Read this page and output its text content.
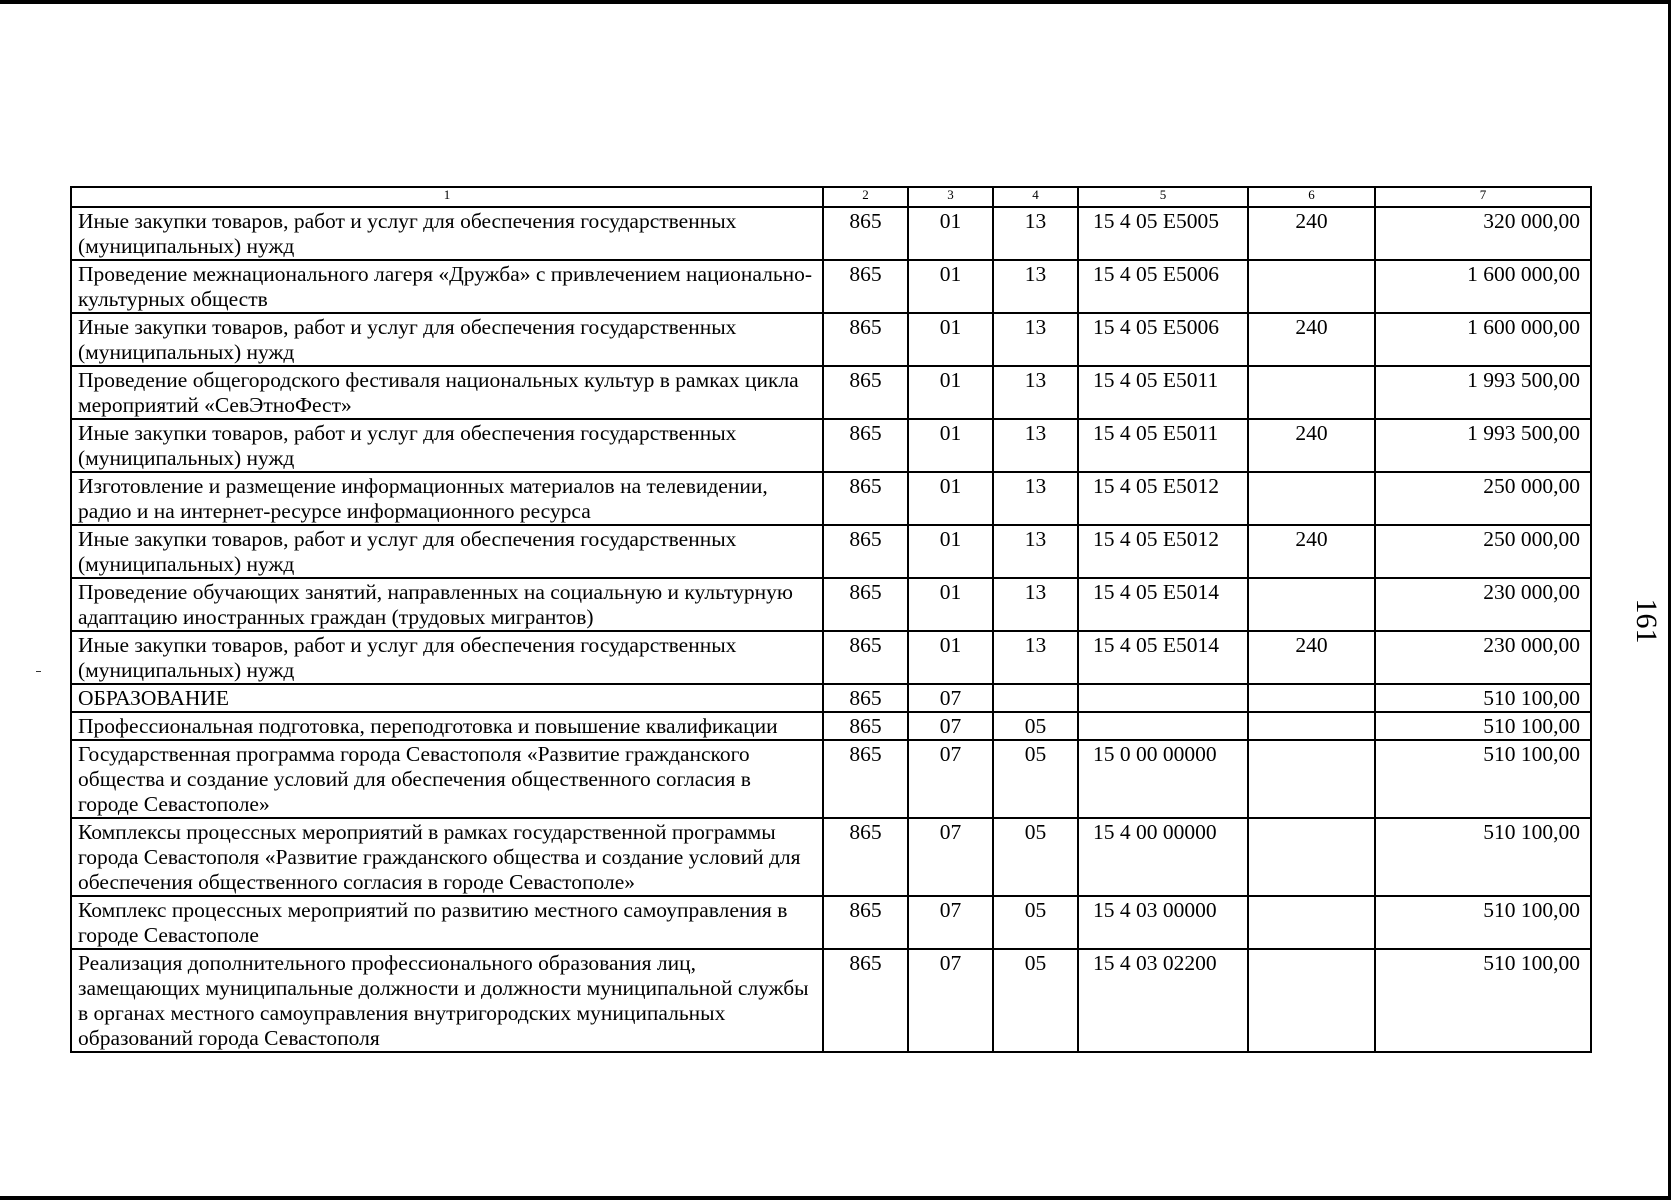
1	2	3	4	5	6	7
Иные закупки товаров, работ и услуг для обеспечения государственных (муниципальных) нужд	865	01	13	15 4 05 E5005	240	320 000,00
Проведение межнационального лагеря «Дружба» с привлечением национально-культурных обществ	865	01	13	15 4 05 E5006		1 600 000,00
Иные закупки товаров, работ и услуг для обеспечения государственных (муниципальных) нужд	865	01	13	15 4 05 E5006	240	1 600 000,00
Проведение общегородского фестиваля национальных культур в рамках цикла мероприятий «СевЭтноФест»	865	01	13	15 4 05 E5011		1 993 500,00
Иные закупки товаров, работ и услуг для обеспечения государственных (муниципальных) нужд	865	01	13	15 4 05 E5011	240	1 993 500,00
Изготовление и размещение информационных материалов на телевидении, радио и на интернет-ресурсе информационного ресурса	865	01	13	15 4 05 E5012		250 000,00
Иные закупки товаров, работ и услуг для обеспечения государственных (муниципальных) нужд	865	01	13	15 4 05 E5012	240	250 000,00
Проведение обучающих занятий, направленных на социальную и культурную адаптацию иностранных граждан (трудовых мигрантов)	865	01	13	15 4 05 E5014		230 000,00
Иные закупки товаров, работ и услуг для обеспечения государственных (муниципальных) нужд	865	01	13	15 4 05 E5014	240	230 000,00
ОБРАЗОВАНИЕ	865	07				510 100,00
Профессиональная подготовка, переподготовка и повышение квалификации	865	07	05			510 100,00
Государственная программа города Севастополя «Развитие гражданского общества и создание условий для обеспечения общественного согласия в городе Севастополе»	865	07	05	15 0 00 00000		510 100,00
Комплексы процессных мероприятий в рамках государственной программы города Севастополя «Развитие гражданского общества и создание условий для обеспечения общественного согласия в городе Севастополе»	865	07	05	15 4 00 00000		510 100,00
Комплекс процессных мероприятий по развитию местного самоуправления в городе Севастополе	865	07	05	15 4 03 00000		510 100,00
Реализация дополнительного профессионального образования лиц, замещающих муниципальные должности и должности муниципальной службы в органах местного самоуправления внутригородских муниципальных образований города Севастополя	865	07	05	15 4 03 02200		510 100,00
161
